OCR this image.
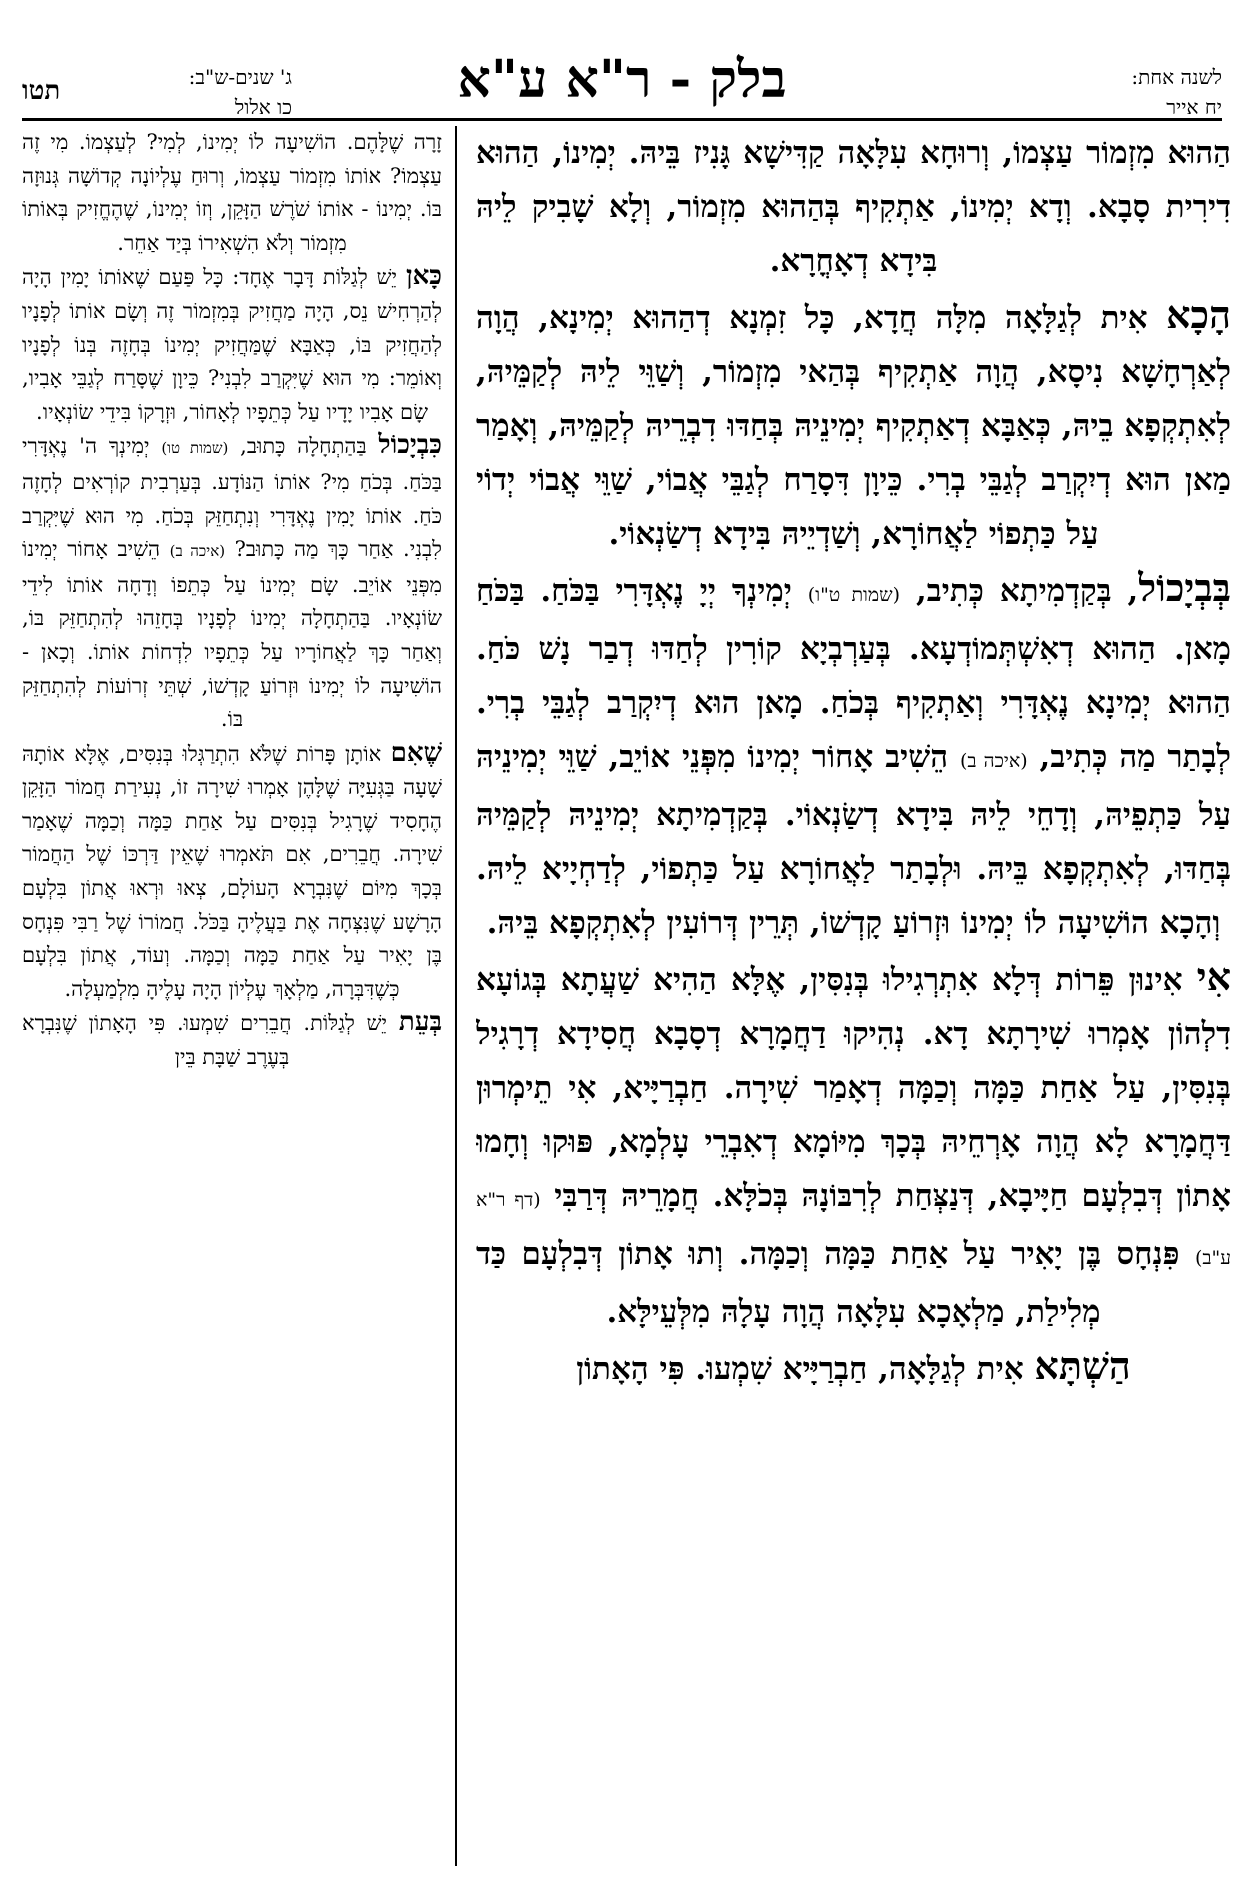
לשנה אחת:
יח אייר
בלק - ר"א ע"א
ג' שנים-ש"ב:
כו אלול
תטו

הַהוּא מִזְמוֹר עַצְמוֹ, וְרוּחָא עִלָּאָה קַדִּישָׁא גָּנִיז בֵּיהּ. יְמִינוֹ, הַהוּא דִירִית סָבָא. וְדָא יְמִינוֹ, אַתְקִיף בְּהַהוּא מִזְמוֹר, וְלָא שָׁבִיק לֵיהּ בִּידָא דְאָחֳרָא.

הָכָא אִית לְגַלָּאָה מִלָּה חֲדָא, כָּל זִמְנָא דְהַהוּא יְמִינָא, הֲוָה לְאַרְחָשָׁא נִיסָא, הֲוָה אַתְקִיף בְּהַאי מִזְמוֹר, וְשַׁוֵּי לֵיהּ לְקַמֵּיהּ, לְאִתְקְפָא בֵיהּ, כְּאַבָּא דְאַתְקִיף יְמִינֵיהּ בְּחַדּוּ דִבְרֵיהּ לְקַמֵּיהּ, וְאָמַר מַאן הוּא דְיִקְרַב לְגַבֵּי בְרִי. כֵּיוָן דִּסָרַח לְגַבֵּי אֲבוֹי, שַׁוֵּי אֲבוֹי יְדוֹי עַל כַּתְפוֹי לַאֲחוֹרָא, וְשַׁדְיֵיהּ בִּידָא דְשַׂנְאוֹי.

בְּבְיָכוֹל, בְּקַדְמִיתָא כְּתִיב, (שמות ט"ו) יְמִינְךָ יְיָ נֶאְדָּרִי בַּכֹּחַ. בַּכֹּחַ מָאן. הַהוּא דְאִשְׁתְּמוֹדְעָא. בְּעַרְבְיָא קוֹרִין לְחַדּוּ דְבַר נָשׁ כֹּחַ. הַהוּא יְמִינָא נֶאְדָּרִי וְאַתְקִיף בְּכֹחַ. מָאן הוּא דְיִקְרַב לְגַבֵּי בְרִי. לְבָתַר מַה כְּתִיב, (איכה ב) הֵשִׁיב אָחוֹר יְמִינוֹ מִפְּנֵי אוֹיֵב, שַׁוֵּי יְמִינֵיהּ עַל כַּתְפֵיהּ, וְדָחֵי לֵיהּ בִּידָא דְשַׂנְאוֹי. בְּקַדְמִיתָא יְמִינֵיהּ לְקַמֵּיהּ בְּחַדּוּ, לְאִתְקְפָא בֵּיהּ. וּלְבָתַר לַאֲחוֹרָא עַל כַּתְפוֹי, לְדַחְיָיא לֵיהּ. וְהָכָא הוֹשִׁיעָה לוֹ יְמִינוֹ וּזְרוֹעַ קָדְשׁוֹ, תְּרֵין דְּרוֹעִין לְאִתְקְפָא בֵּיהּ.

אִי אִינוּן פֵּרוֹת דְּלָא אִתְרְגִילוּ בְּנִסִּין, אֶלָּא הַהִיא שַׁעֲתָא בְּגוֹעָא דִלְהוֹן אָמְרוּ שִׁירָתָא דָא. נְהִיקוּ דַחֲמָרָא דְסָבָא חֲסִידָא דְרָגִיל בְּנִסִּין, עַל אַחַת כַּמָּה וְכַמָּה דְאָמַר שִׁירָה. חַבְרַיָּיא, אִי תֵימְרוּן דַּחֲמָרָא לָא הֲוָה אָרְחֵיהּ בְּכָךְ מִיּוֹמָא דְאִבְרֵי עָלְמָא, פּוּקוּ וְחָמוּ אָתוֹן דְּבִלְעָם חַיָּיבָא, דְּנַצְּחַת לְרִבּוֹנָהּ בְּכֹלָּא. חֲמָרֵיהּ דְּרַבִּי (דף ר"א ע"ב) פִּנְחָס בֶּן יָאִיר עַל אַחַת כַּמָּה וְכַמָּה. וְתוּ אָתוֹן דְּבִלְעָם כַּד מְלִילַת, מַלְאָכָא עִלָּאָה הֲוָה עָלָהּ מִלְּעֵילָּא.

הַשְׁתָּא אִית לְגַלָּאָה, חַבְרַיָּיא שִׁמְעוּ. פִּי הָאָתוֹן

זָרָה שֶׁלָּהֶם. הוֹשִׁיעָה לוֹ יְמִינוֹ, לְמִי? לְעַצְמוֹ. מִי זֶה עַצְמוֹ? אוֹתוֹ מִזְמוֹר עַצְמוֹ, וְרוּחַ עֶלְיוֹנָה קְדוֹשָׁה גְּנוּזָה בּוֹ. יְמִינוֹ - אוֹתוֹ שֹׁרֶשׁ הַזָּקֵן, וְזוֹ יְמִינוֹ, שֶׁהֶחֱזִיק בְּאוֹתוֹ מִזְמוֹר וְלֹא הִשְׁאִירוֹ בְּיַד אַחֵר.

כָּאן יֵשׁ לְגַלּוֹת דָּבָר אֶחָד: כָּל פַּעַם שֶׁאוֹתוֹ יָמִין הָיָה לְהַרְחִישׁ נֵס, הָיָה מַחֲזִיק בְּמִזְמוֹר זֶה וְשָׂם אוֹתוֹ לְפָנָיו לְהַחֲזִיק בּוֹ, כְּאַבָּא שֶׁמַּחֲזִיק יְמִינוֹ בְּחָזֶה בְּנוֹ לְפָנָיו וְאוֹמֵר: מִי הוּא שֶׁיִּקְרַב לִבְנִי? כֵּיוָן שֶׁסָּרַח לְגַבֵּי אָבִיו, שָׂם אָבִיו יָדָיו עַל כְּתֵפָיו לְאָחוֹר, וּזְרָקוֹ בִּידֵי שׂוֹנְאָיו.

כִּבְיָכוֹל בַּהַתְחָלָה כָּתוּב, (שמות טו) יְמִינְךָ ה' נֶאְדָּרִי בַּכֹּחַ. בְּכֹחַ מִי? אוֹתוֹ הַנּוֹדָע. בְּעַרְבִית קוֹרְאִים לְחָזֶה כֹּחַ. אוֹתוֹ יָמִין נֶאְדָּרִי וְנִתְחַזֵּק בְּכֹחַ. מִי הוּא שֶׁיִּקְרַב לִבְנִי. אַחַר כָּךְ מַה כָּתוּב? (איכה ב) הֵשִׁיב אָחוֹר יְמִינוֹ מִפְּנֵי אוֹיֵב. שָׂם יְמִינוֹ עַל כְּתֵפוֹ וְדָחָה אוֹתוֹ לִידֵי שׂוֹנְאָיו. בַּהַתְחָלָה יְמִינוֹ לְפָנָיו בְּחָזֵהוּ לְהִתְחַזֵּק בּוֹ, וְאַחַר כָּךְ לַאֲחוֹרָיו עַל כְּתֵפָיו לִדְחוֹת אוֹתוֹ. וְכָאן - הוֹשִׁיעָה לוֹ יְמִינוֹ וּזְרוֹעַ קָדְשׁוֹ, שְׁתֵּי זְרוֹעוֹת לְהִתְחַזֵּק בּוֹ.

שֶׁאִם אוֹתָן פָּרוֹת שֶׁלֹּא הִתְרַגְּלוּ בְּנִסִּים, אֶלָּא אוֹתָהּ שָׁעָה בַּגְּעִיָּה שֶׁלָּהֶן אָמְרוּ שִׁירָה זוֹ, נְעִירַת חֲמוֹר הַזָּקֵן הֶחָסִיד שֶׁרָגִיל בְּנִסִּים עַל אַחַת כַּמָּה וְכַמָּה שֶׁאָמַר שִׁירָה. חֲבֵרִים, אִם תֹּאמְרוּ שֶׁאֵין דַּרְכּוֹ שֶׁל הַחֲמוֹר בְּכָךְ מִיּוֹם שֶׁנִּבְרָא הָעוֹלָם, צְאוּ וּרְאוּ אֲתוֹן בִּלְעָם הָרָשָׁע שֶׁנִּצְּחָה אֶת בַּעֲלֶיהָ בַּכֹּל. חֲמוֹרוֹ שֶׁל רַבִּי פִּנְחָס בֶּן יָאִיר עַל אַחַת כַּמָּה וְכַמָּה. וְעוֹד, אֲתוֹן בִּלְעָם כְּשֶׁדִּבְּרָה, מַלְאָךְ עֶלְיוֹן הָיָה עָלֶיהָ מִלְמַעְלָה.

בְּעֵת יֵשׁ לְגַלּוֹת. חֲבֵרִים שִׁמְעוּ. פִּי הָאָתוֹן שֶׁנִּבְרָא בְּעֶרֶב שַׁבָּת בֵּין
